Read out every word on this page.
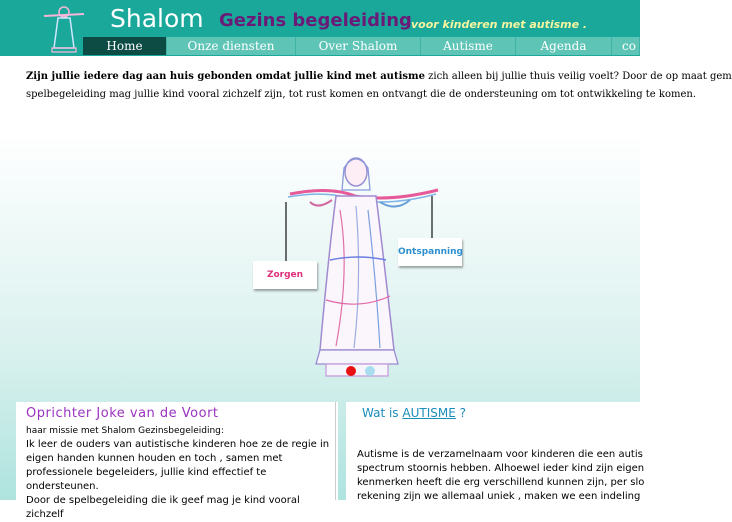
Shalom Gezins begeleiding voor kinderen met autisme .
Home	Onze diensten	Over Shalom	Autisme	Agenda	co

Zijn jullie iedere dag aan huis gebonden omdat jullie kind met autisme zich alleen bij jullie thuis veilig voelt? Door de op maat gem
spelbegeleiding mag jullie kind vooral zichzelf zijn, tot rust komen en ontvangt die de ondersteuning om tot ontwikkeling te komen.

Zorgen
Ontspanning
Oprichter Joke van de Voort
haar missie met Shalom Gezinsbegeleiding:
Ik leer de ouders van autistische kinderen hoe ze de regie in eigen handen kunnen houden en toch , samen met professionele begeleiders, jullie kind effectief te ondersteunen.
Door de spelbegeleiding die ik geef mag je kind vooral zichzelf
Wat is AUTISME ?
Autisme is de verzamelnaam voor kinderen die een autis
spectrum stoornis hebben. Alhoewel ieder kind zijn eigen
kenmerken heeft die erg verschillend kunnen zijn, per slo
rekening zijn we allemaal uniek , maken we een indeling
